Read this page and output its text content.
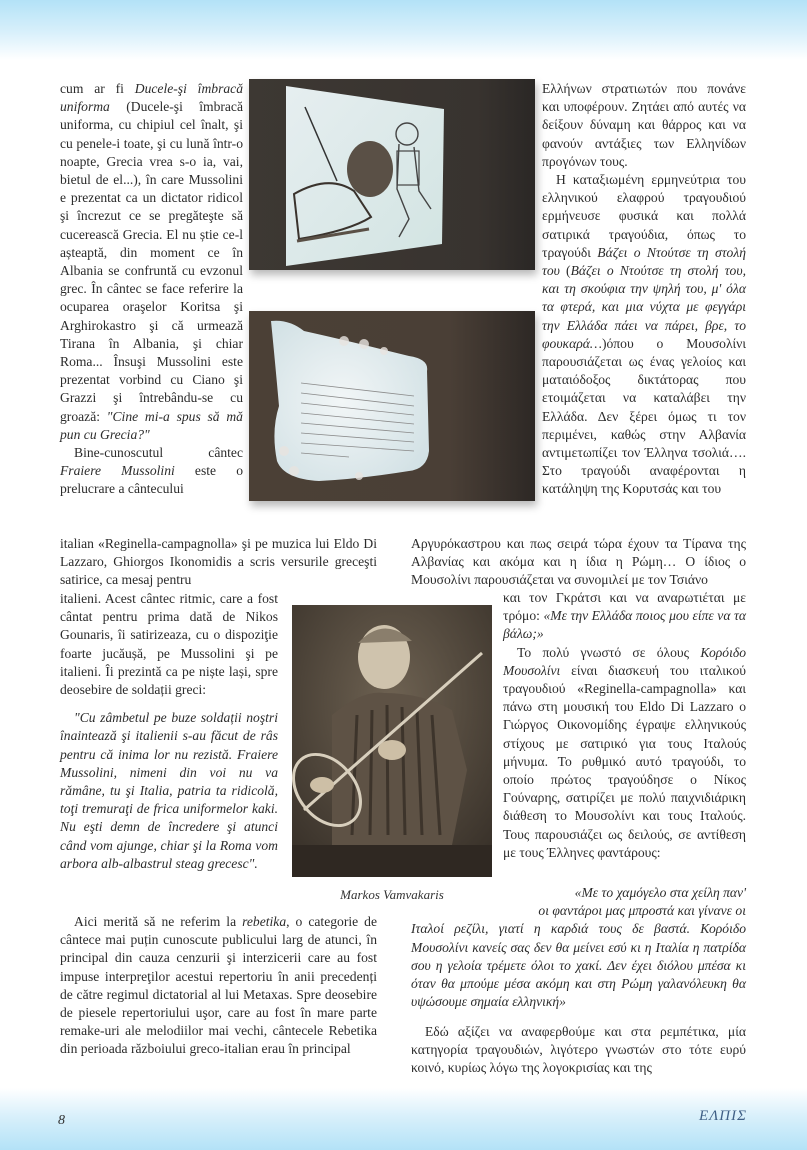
cum ar fi Ducele-şi îmbracă uniforma (Ducele-şi îmbracă uniforma, cu chipiul cel înalt, şi cu penele-i toate, şi cu lună într-o noapte, Grecia vrea s-o ia, vai, bietul de el...), în care Mussolini e prezentat ca un dictator ridicol şi încrezut ce se pregăteşte să cucerească Grecia. El nu știe ce-l așteaptă, din moment ce în Albania se confruntă cu evzonul grec. În cântec se face referire la ocuparea oraşelor Koritsa şi Arghirokastro şi că urmează Tirana în Albania, şi chiar Roma... Însuşi Mussolini este prezentat vorbind cu Ciano şi Grazzi şi întrebându-se cu groază: "Cine mi-a spus să mă pun cu Grecia?"

Bine-cunoscutul cântec Fraiere Mussolini este o prelucrare a cântecului

italian «Reginella-campagnolla» şi pe muzica lui Eldo Di Lazzaro, Ghiorgos Ikonomidis a scris versurile greceşti satirice, ca mesaj pentru

italieni. Acest cântec ritmic, care a fost cântat pentru prima dată de Nikos Gounaris, îi satirizeaza, cu o dispoziţie foarte jucăușă, pe Mussolini şi pe italieni. Îi prezintă ca pe niște lași, spre deosebire de soldații greci:

"Cu zâmbetul pe buze soldații noştri înaintează şi italienii s-au făcut de râs pentru că inima lor nu rezistă. Fraiere Mussolini, nimeni din voi nu va rămâne, tu şi Italia, patria ta ridicolă, toţi tremuraţi de frica uniformelor kaki. Nu eşti demn de încredere şi atunci când vom ajunge, chiar şi la Roma vom arbora alb-albastrul steag grecesc".

Aici merită să ne referim la rebetika, o categorie de cântece mai puțin cunoscute publicului larg de atunci, în principal din cauza cenzurii şi interzicerii care au fost impuse interpreţilor acestui repertoriu în anii precedenți de către regimul dictatorial al lui Metaxas. Spre deosebire de piesele repertoriului uşor, care au fost în mare parte remake-uri ale melodiilor mai vechi, cântecele Rebetika din perioada războiului greco-italian erau în principal

Ελλήνων στρατιωτών που πονάνε και υποφέρουν. Ζητάει από αυτές να δείξουν δύναμη και θάρρος και να φανούν αντάξιες των Ελληνίδων προγόνων τους.

Η καταξιωμένη ερμηνεύτρια του ελληνικού ελαφρού τραγουδιού ερμήνευσε φυσικά και πολλά σατιρικά τραγούδια, όπως το τραγούδι Βάζει ο Ντούτσε τη στολή του (Βάζει ο Ντούτσε τη στολή του, και τη σκούφια την ψηλή του, μ' όλα τα φτερά, και μια νύχτα με φεγγάρι την Ελλάδα πάει να πάρει, βρε, το φουκαρά…)όπου ο Μουσολίνι παρουσιάζεται ως ένας γελοίος και ματαιόδοξος δικτάτορας που ετοιμάζεται να καταλάβει την Ελλάδα. Δεν ξέρει όμως τι τον περιμένει, καθώς στην Αλβανία αντιμετωπίζει τον Έλληνα τσολιά…. Στο τραγούδι αναφέρονται η κατάληψη της Κορυτσάς και του

Αργυρόκαστρου και πως σειρά τώρα έχουν τα Τίρανα της Αλβανίας και ακόμα και η ίδια η Ρώμη… Ο ίδιος ο Μουσολίνι παρουσιάζεται να συνομιλεί με τον Τσιάνο

και τον Γκράτσι και να αναρωτιέται με τρόμο: «Με την Ελλάδα ποιος μου είπε να τα βάλω;»

Το πολύ γνωστό σε όλους Κορόιδο Μουσολίνι είναι διασκευή του ιταλικού τραγουδιού «Reginella-campagnolla» και πάνω στη μουσική του Eldo Di Lazzaro ο Γιώργος Οικονομίδης έγραψε ελληνικούς στίχους με σατιρικό για τους Ιταλούς μήνυμα. Το ρυθμικό αυτό τραγούδι, το οποίο πρώτος τραγούδησε ο Νίκος Γούναρης, σατιρίζει με πολύ παιχνιδιάρικη διάθεση το Μουσολίνι και τους Ιταλούς. Τους παρουσιάζει ως δειλούς, σε αντίθεση με τους Έλληνες φαντάρους:

«Με το χαμόγελο στα χείλη παν'

οι φαντάροι μας μπροστά και γίνανε οι

Ιταλοί ρεζίλι, γιατί η καρδιά τους δε βαστά. Κορόιδο Μουσολίνι κανείς σας δεν θα μείνει εσύ κι η Ιταλία η πατρίδα σου η γελοία τρέμετε όλοι το χακί. Δεν έχει διόλου μπέσα κι όταν θα μπούμε μέσα ακόμη και στη Ρώμη γαλανόλευκη θα υψώσουμε σημαία ελληνική»

Εδώ αξίζει να αναφερθούμε και στα ρεμπέτικα, μία κατηγορία τραγουδιών, λιγότερο γνωστών στο τότε ευρύ κοινό, κυρίως λόγω της λογοκρισίας και της

Markos Vamvakaris
8	ΕΛΠΙΣ
